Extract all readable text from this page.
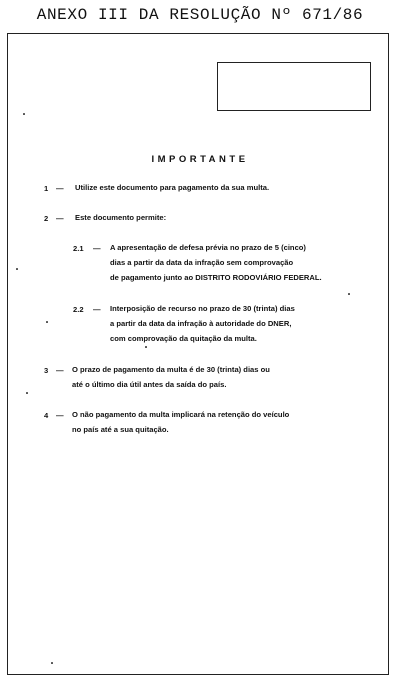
ANEXO III DA RESOLUÇÃO Nº 671/86
IMPORTANTE
1 — Utilize este documento para pagamento da sua multa.
2 — Este documento permite:
2.1 — A apresentação de defesa prévia no prazo de 5 (cinco)
dias a partir da data da infração sem comprovação
de pagamento junto ao DISTRITO RODOVIÁRIO FEDERAL.
2.2 — Interposição de recurso no prazo de 30 (trinta) dias
a partir da data da infração à autoridade do DNER,
com comprovação da quitação da multa.
3 — O prazo de pagamento da multa é de 30 (trinta) dias ou
até o último dia útil antes da saída do país.
4 — O não pagamento da multa implicará na retenção do veículo
no país até a sua quitação.
